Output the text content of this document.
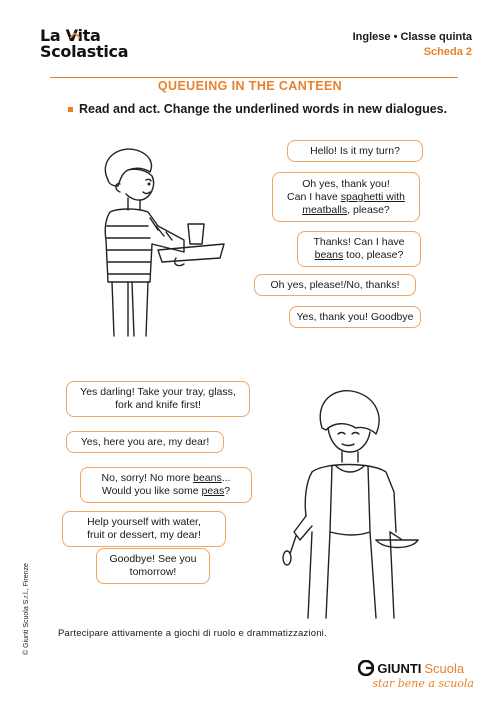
La Vita
Scolastica
Inglese • Classe quinta
Scheda 2
QUEUEING IN THE CANTEEN
Read and act. Change the underlined words in new dialogues.
Hello! Is it my turn?
Oh yes, thank you!
Can I have spaghetti with
meatballs, please?
Thanks! Can I have
beans too, please?
Oh yes, please!/No, thanks!
Yes, thank you! Goodbye
Yes darling! Take your tray, glass,
fork and knife first!
Yes, here you are, my dear!
No, sorry! No more beans...
Would you like some peas?
Help yourself with water,
fruit or dessert, my dear!
Goodbye! See you
tomorrow!
© Giunti Scuola S.r.l., Firenze	Partecipare attivamente a giochi di ruolo e drammatizzazioni.
GIUNTI Scuola
star bene a scuola
